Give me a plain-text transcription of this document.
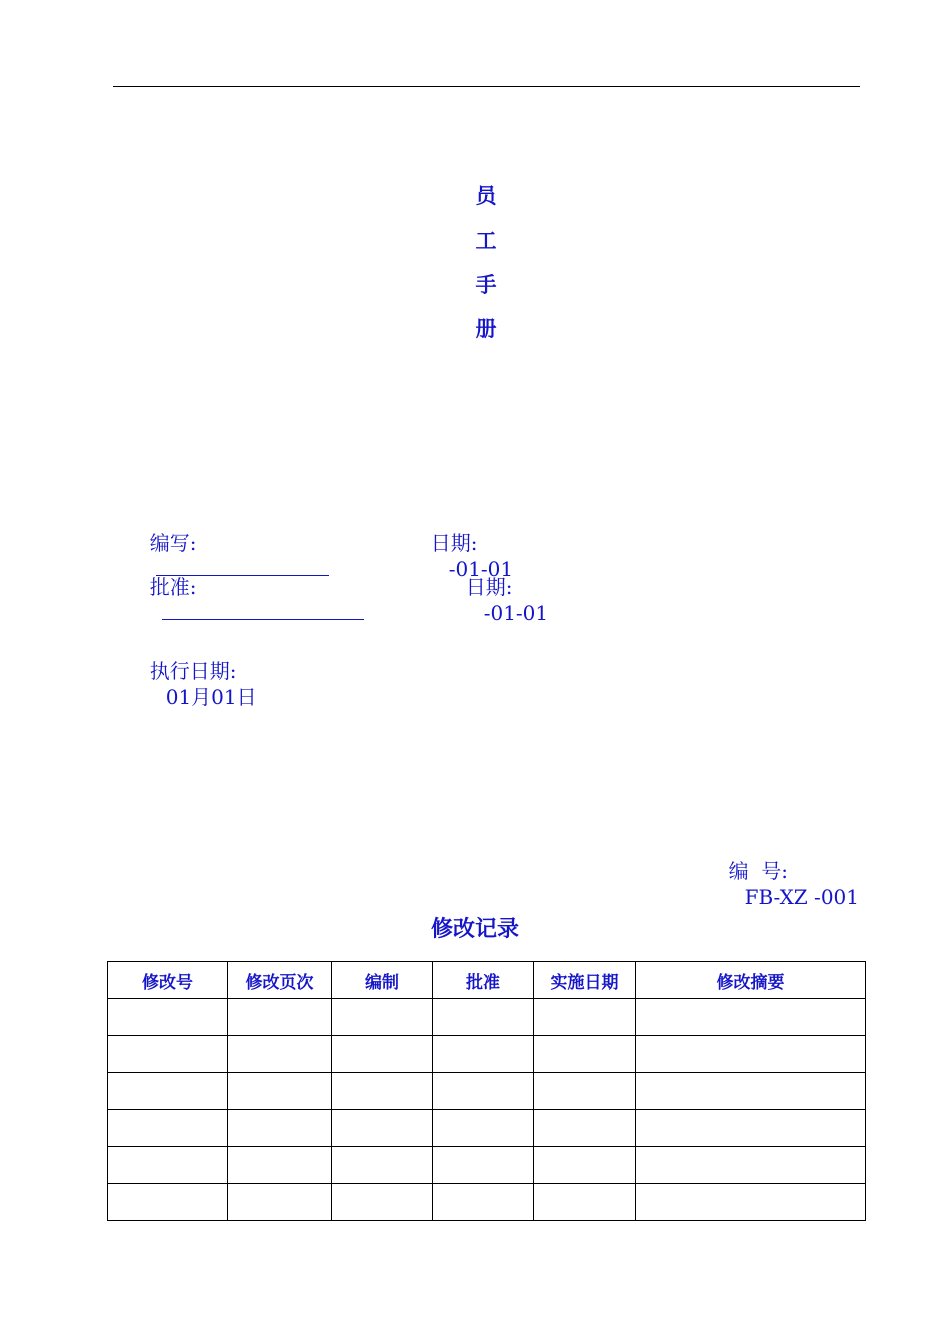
员
工
手
册

编写:
	日期:
-01-01

批准:
	日期:
-01-01

执行日期:
01月01日

编  号:
FB-XZ -001

修改记录
修改号	修改页次	编制	批准	实施日期	修改摘要
